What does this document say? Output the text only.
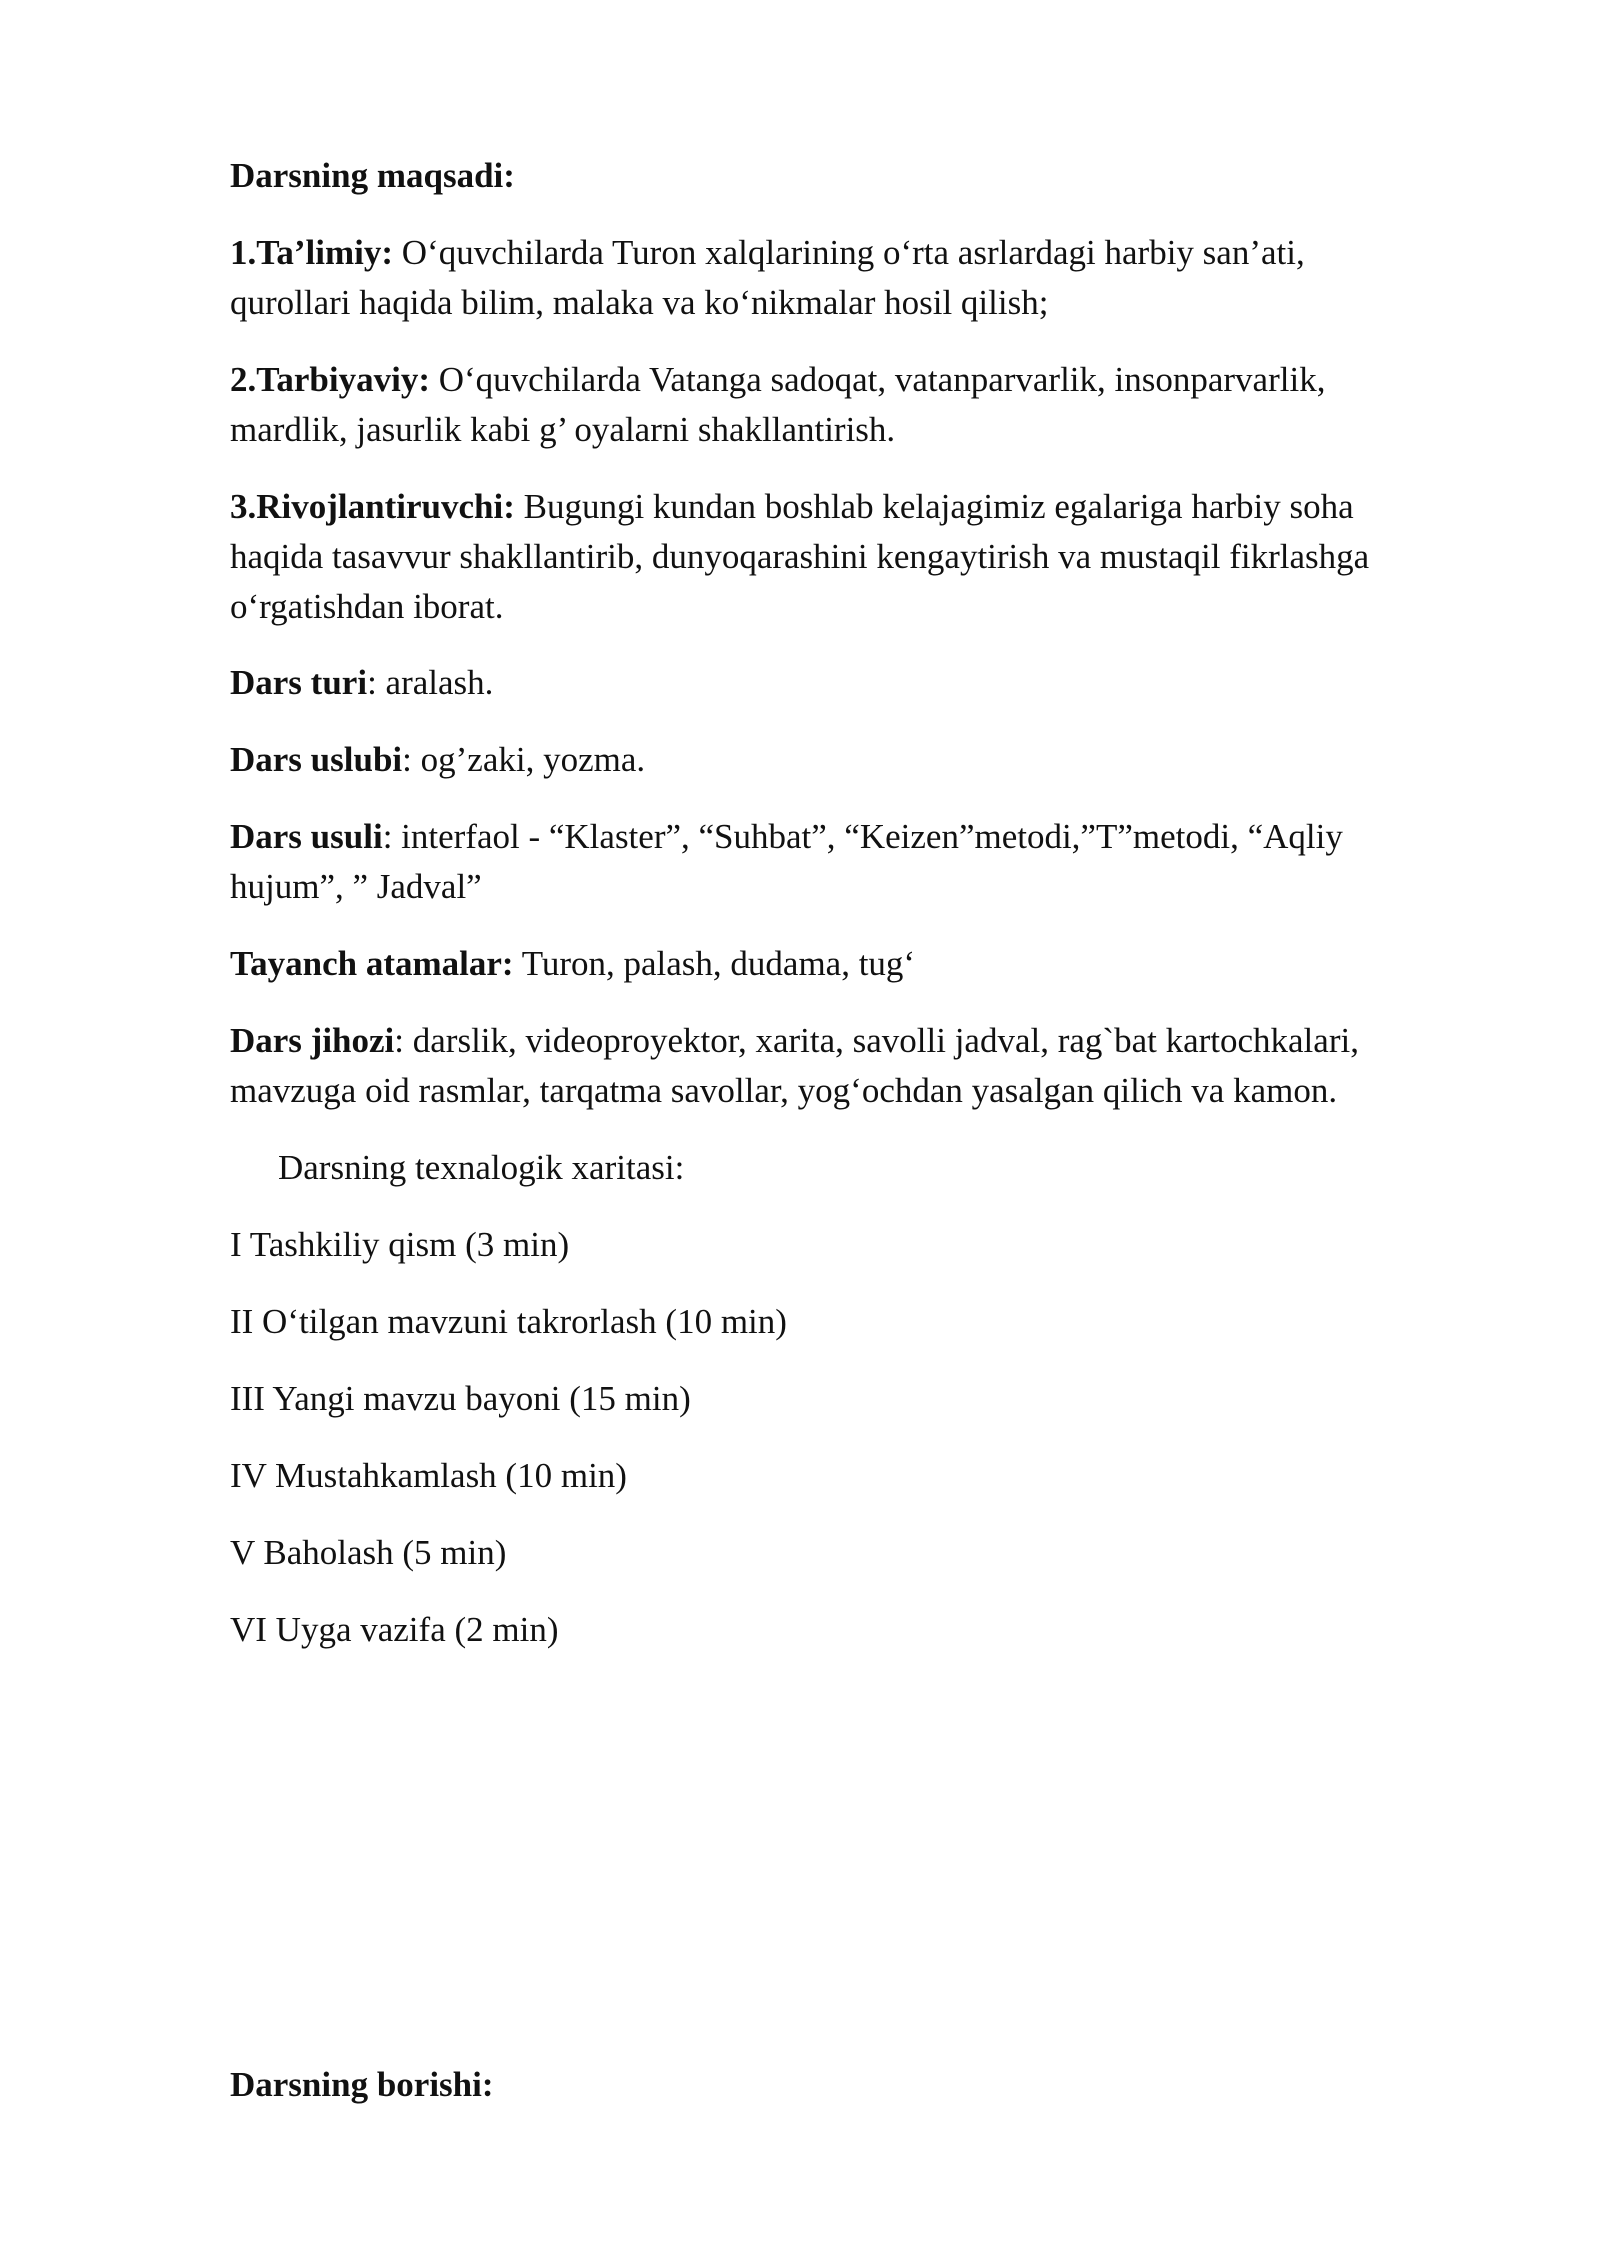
Darsning maqsadi:
1.Ta’limiy: O‘quvchilarda Turon xalqlarining o‘rta asrlardagi harbiy san’ati,
qurollari haqida bilim, malaka va ko‘nikmalar hosil qilish;
2.Tarbiyaviy: O‘quvchilarda Vatanga sadoqat, vatanparvarlik, insonparvarlik,
mardlik, jasurlik kabi g’ oyalarni shakllantirish.
3.Rivojlantiruvchi: Bugungi kundan boshlab kelajagimiz egalariga harbiy soha
haqida tasavvur shakllantirib, dunyoqarashini kengaytirish va mustaqil fikrlashga
o‘rgatishdan iborat.
Dars turi: aralash.
Dars uslubi: og’zaki, yozma.
Dars usuli: interfaol - “Klaster”, “Suhbat”, “Keizen”metodi,”T”metodi, “Aqliy
hujum”, ” Jadval”
Tayanch atamalar: Turon, palash, dudama, tug‘
Dars jihozi: darslik, videoproyektor, xarita, savolli jadval, rag`bat kartochkalari,
mavzuga oid rasmlar, tarqatma savollar, yog‘ochdan yasalgan qilich va kamon.
Darsning texnalogik xaritasi:
I Tashkiliy qism (3 min)
II O‘tilgan mavzuni takrorlash (10 min)
III Yangi mavzu bayoni (15 min)
IV Mustahkamlash (10 min)
V Baholash (5 min)
VI Uyga vazifa (2 min)
Darsning borishi:
